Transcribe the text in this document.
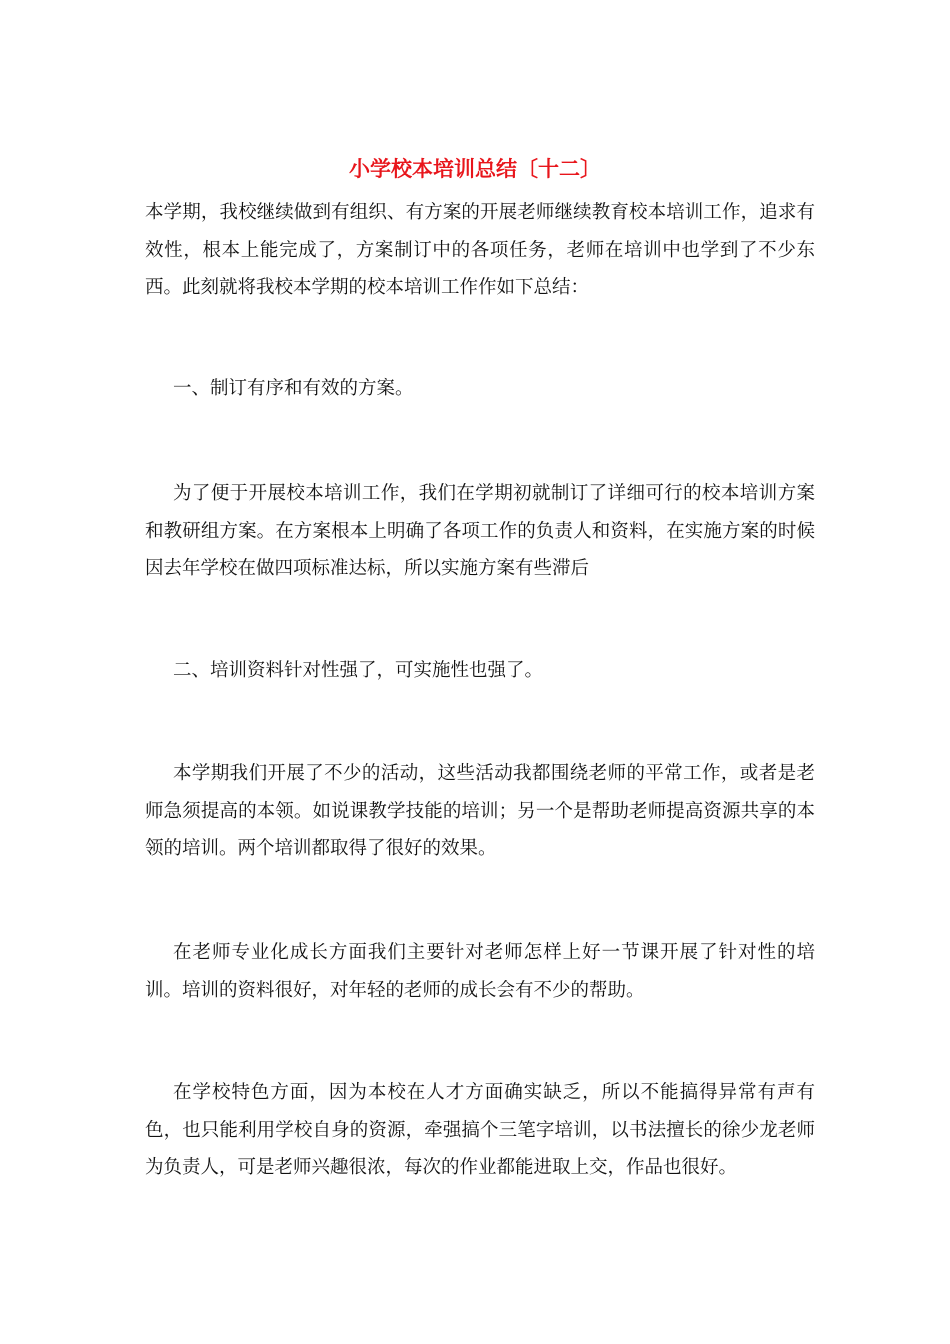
小学校本培训总结〔十二〕

本学期，我校继续做到有组织、有方案的开展老师继续教育校本培训工作，追求有效性，根本上能完成了，方案制订中的各项任务，老师在培训中也学到了不少东西。此刻就将我校本学期的校本培训工作作如下总结：

一、制订有序和有效的方案。

为了便于开展校本培训工作，我们在学期初就制订了详细可行的校本培训方案和教研组方案。在方案根本上明确了各项工作的负责人和资料，在实施方案的时候因去年学校在做四项标准达标，所以实施方案有些滞后

二、培训资料针对性强了，可实施性也强了。

本学期我们开展了不少的活动，这些活动我都围绕老师的平常工作，或者是老师急须提高的本领。如说课教学技能的培训；另一个是帮助老师提高资源共享的本领的培训。两个培训都取得了很好的效果。

在老师专业化成长方面我们主要针对老师怎样上好一节课开展了针对性的培训。培训的资料很好，对年轻的老师的成长会有不少的帮助。

在学校特色方面，因为本校在人才方面确实缺乏，所以不能搞得异常有声有色，也只能利用学校自身的资源，牵强搞个三笔字培训，以书法擅长的徐少龙老师为负责人，可是老师兴趣很浓，每次的作业都能进取上交，作品也很好。
